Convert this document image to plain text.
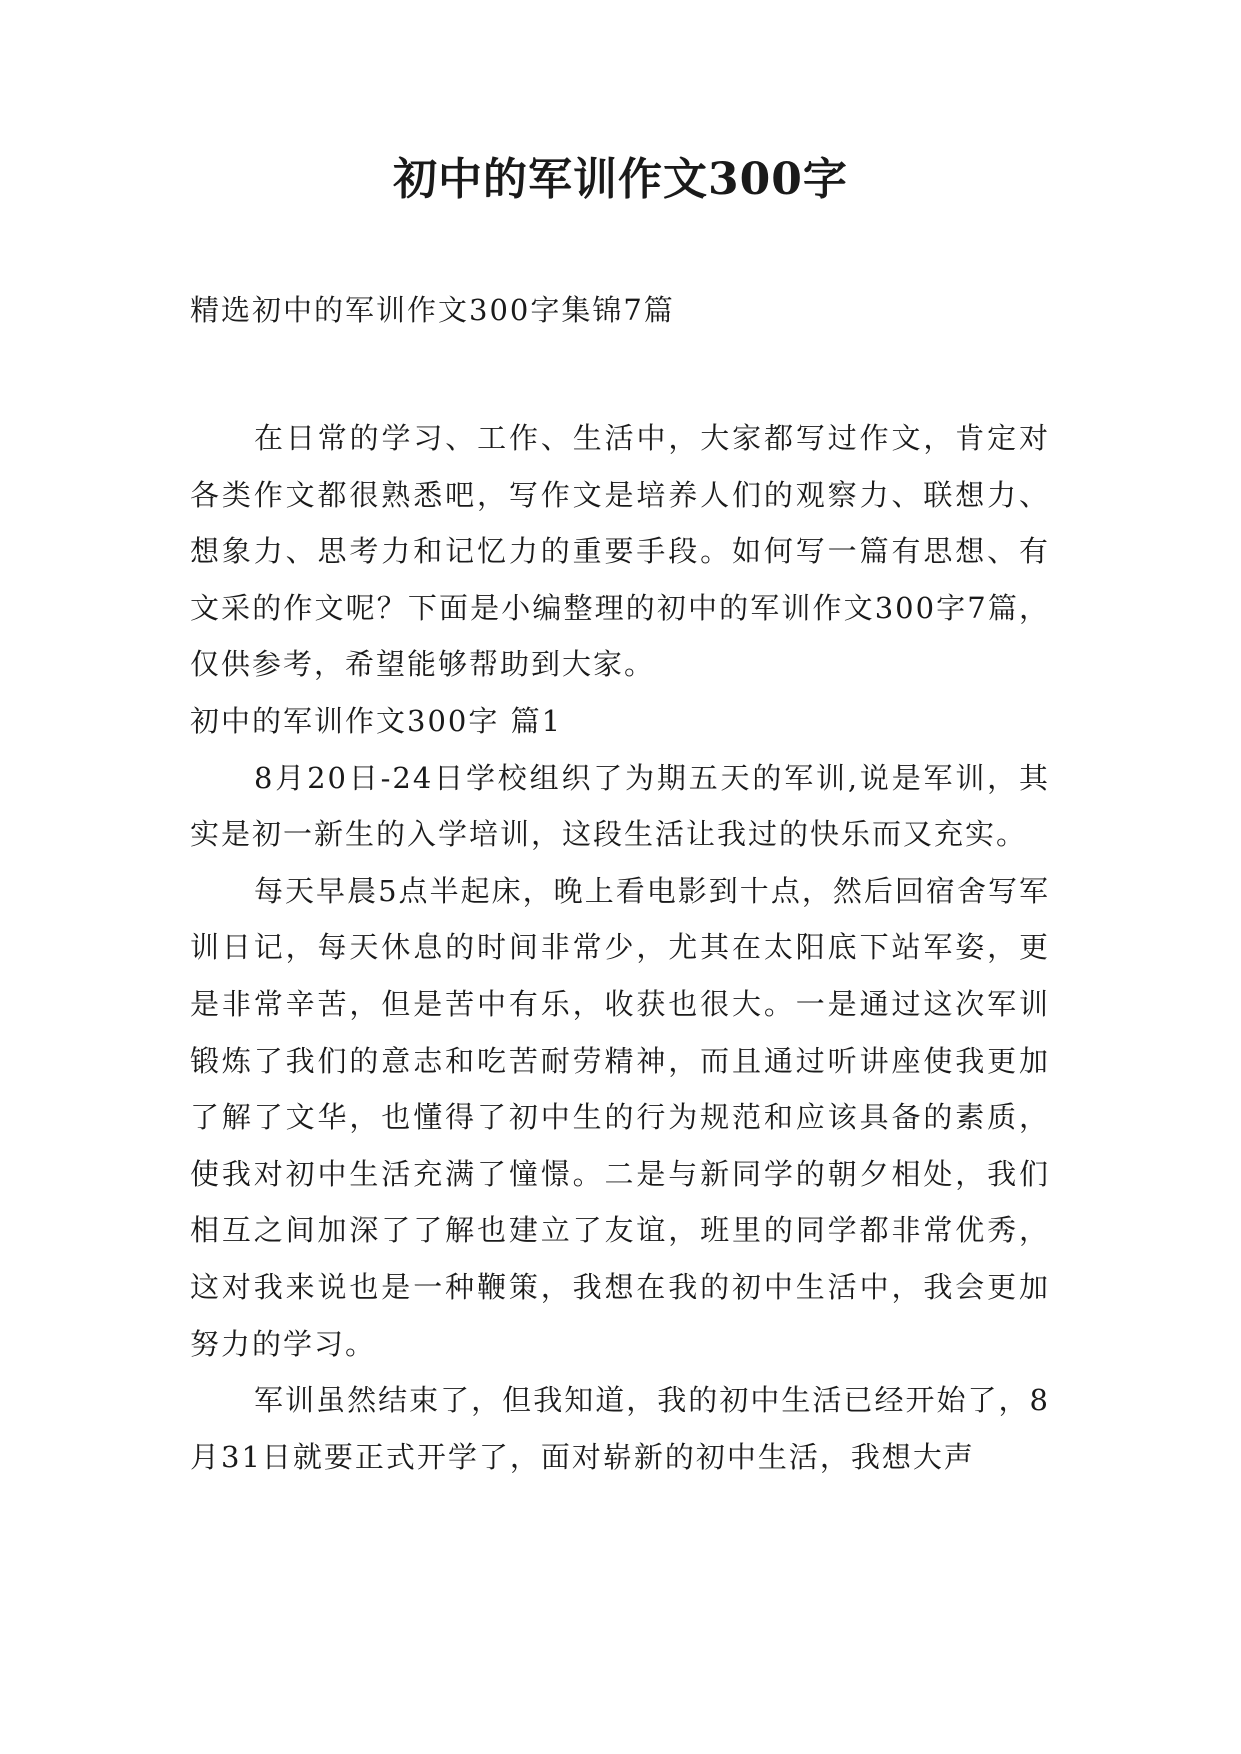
初中的军训作文300字

精选初中的军训作文300字集锦7篇

在日常的学习、工作、生活中，大家都写过作文，肯定对各类作文都很熟悉吧，写作文是培养人们的观察力、联想力、想象力、思考力和记忆力的重要手段。如何写一篇有思想、有文采的作文呢？下面是小编整理的初中的军训作文300字7篇，仅供参考，希望能够帮助到大家。

初中的军训作文300字 篇1

8月20日-24日学校组织了为期五天的军训,说是军训，其实是初一新生的入学培训，这段生活让我过的快乐而又充实。

每天早晨5点半起床，晚上看电影到十点，然后回宿舍写军训日记，每天休息的时间非常少，尤其在太阳底下站军姿，更是非常辛苦，但是苦中有乐，收获也很大。一是通过这次军训锻炼了我们的意志和吃苦耐劳精神，而且通过听讲座使我更加了解了文华，也懂得了初中生的行为规范和应该具备的素质，使我对初中生活充满了憧憬。二是与新同学的朝夕相处，我们相互之间加深了了解也建立了友谊，班里的同学都非常优秀，这对我来说也是一种鞭策，我想在我的初中生活中，我会更加努力的学习。

军训虽然结束了，但我知道，我的初中生活已经开始了，8月31日就要正式开学了，面对崭新的初中生活，我想大声
